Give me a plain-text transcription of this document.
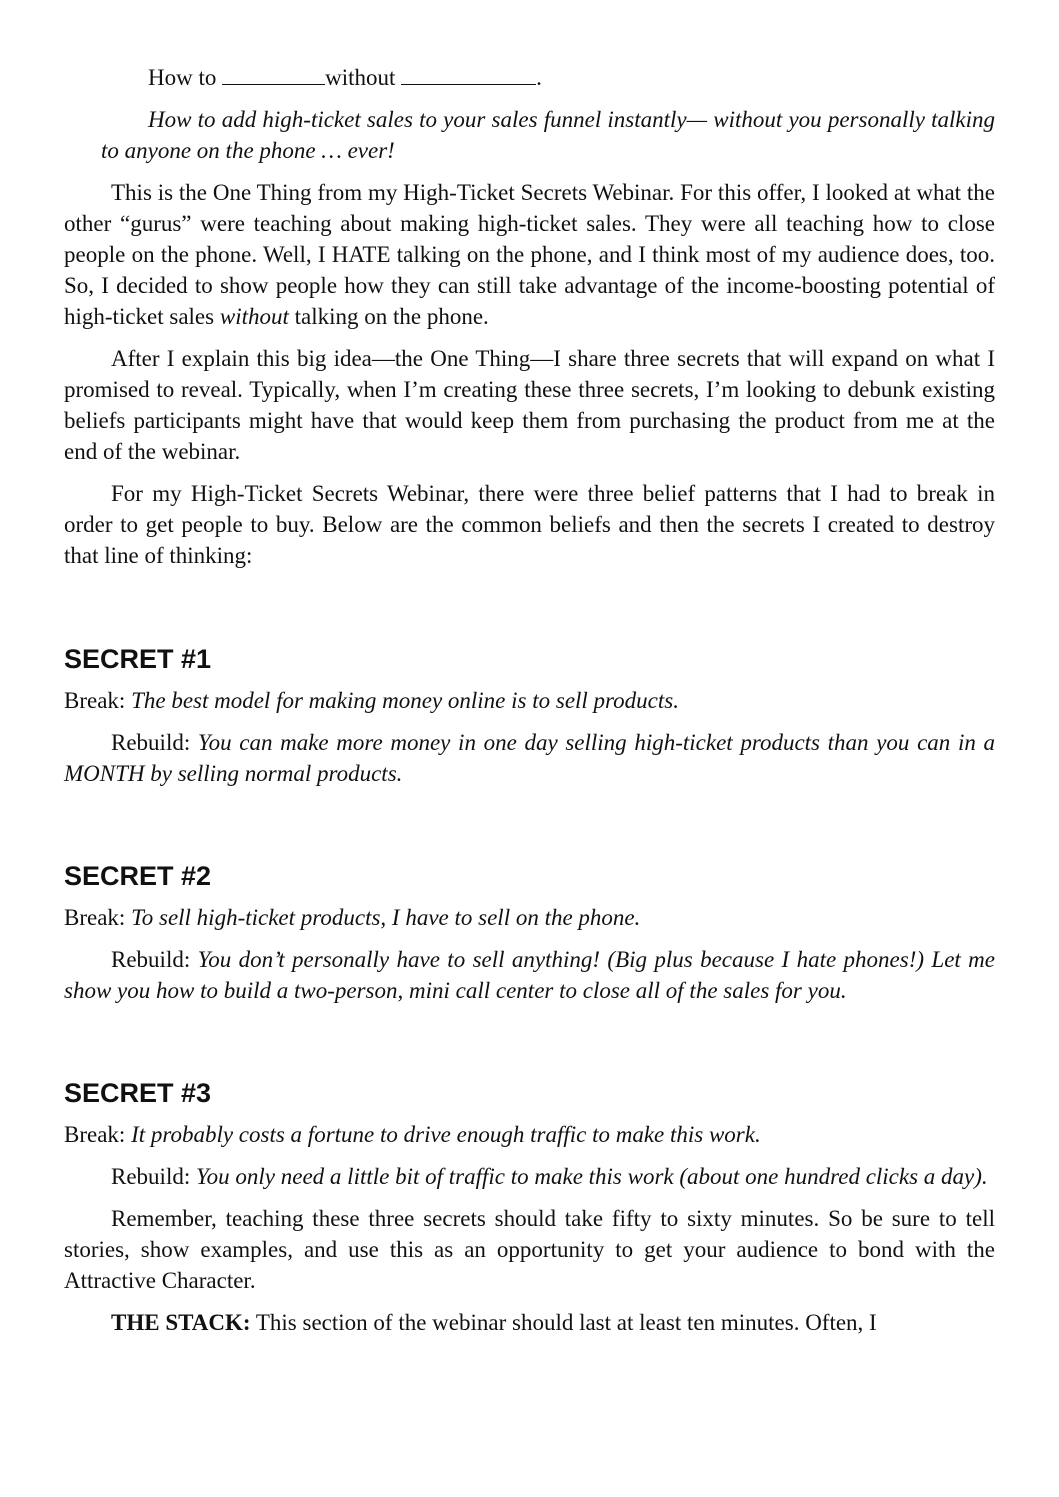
How to	without	.

How to add high-ticket sales to your sales funnel instantly— without you personally talking to anyone on the phone … ever!

This is the One Thing from my High-Ticket Secrets Webinar. For this offer, I looked at what the other “gurus” were teaching about making high-ticket sales. They were all teaching how to close people on the phone. Well, I HATE talking on the phone, and I think most of my audience does, too. So, I decided to show people how they can still take advantage of the income-boosting potential of high-ticket sales without talking on the phone.

After I explain this big idea—the One Thing—I share three secrets that will expand on what I promised to reveal. Typically, when I’m creating these three secrets, I’m looking to debunk existing beliefs participants might have that would keep them from purchasing the product from me at the end of the webinar.

For my High-Ticket Secrets Webinar, there were three belief patterns that I had to break in order to get people to buy. Below are the common beliefs and then the secrets I created to destroy that line of thinking:

SECRET #1

Break: The best model for making money online is to sell products.

Rebuild: You can make more money in one day selling high-ticket products than you can in a MONTH by selling normal products.

SECRET #2

Break: To sell high-ticket products, I have to sell on the phone.

Rebuild: You don’t personally have to sell anything! (Big plus because I hate phones!) Let me show you how to build a two-person, mini call center to close all of the sales for you.

SECRET #3

Break: It probably costs a fortune to drive enough traffic to make this work.

Rebuild: You only need a little bit of traffic to make this work (about one hundred clicks a day).

Remember, teaching these three secrets should take fifty to sixty minutes. So be sure to tell stories, show examples, and use this as an opportunity to get your audience to bond with the Attractive Character.

THE STACK: This section of the webinar should last at least ten minutes. Often, I
